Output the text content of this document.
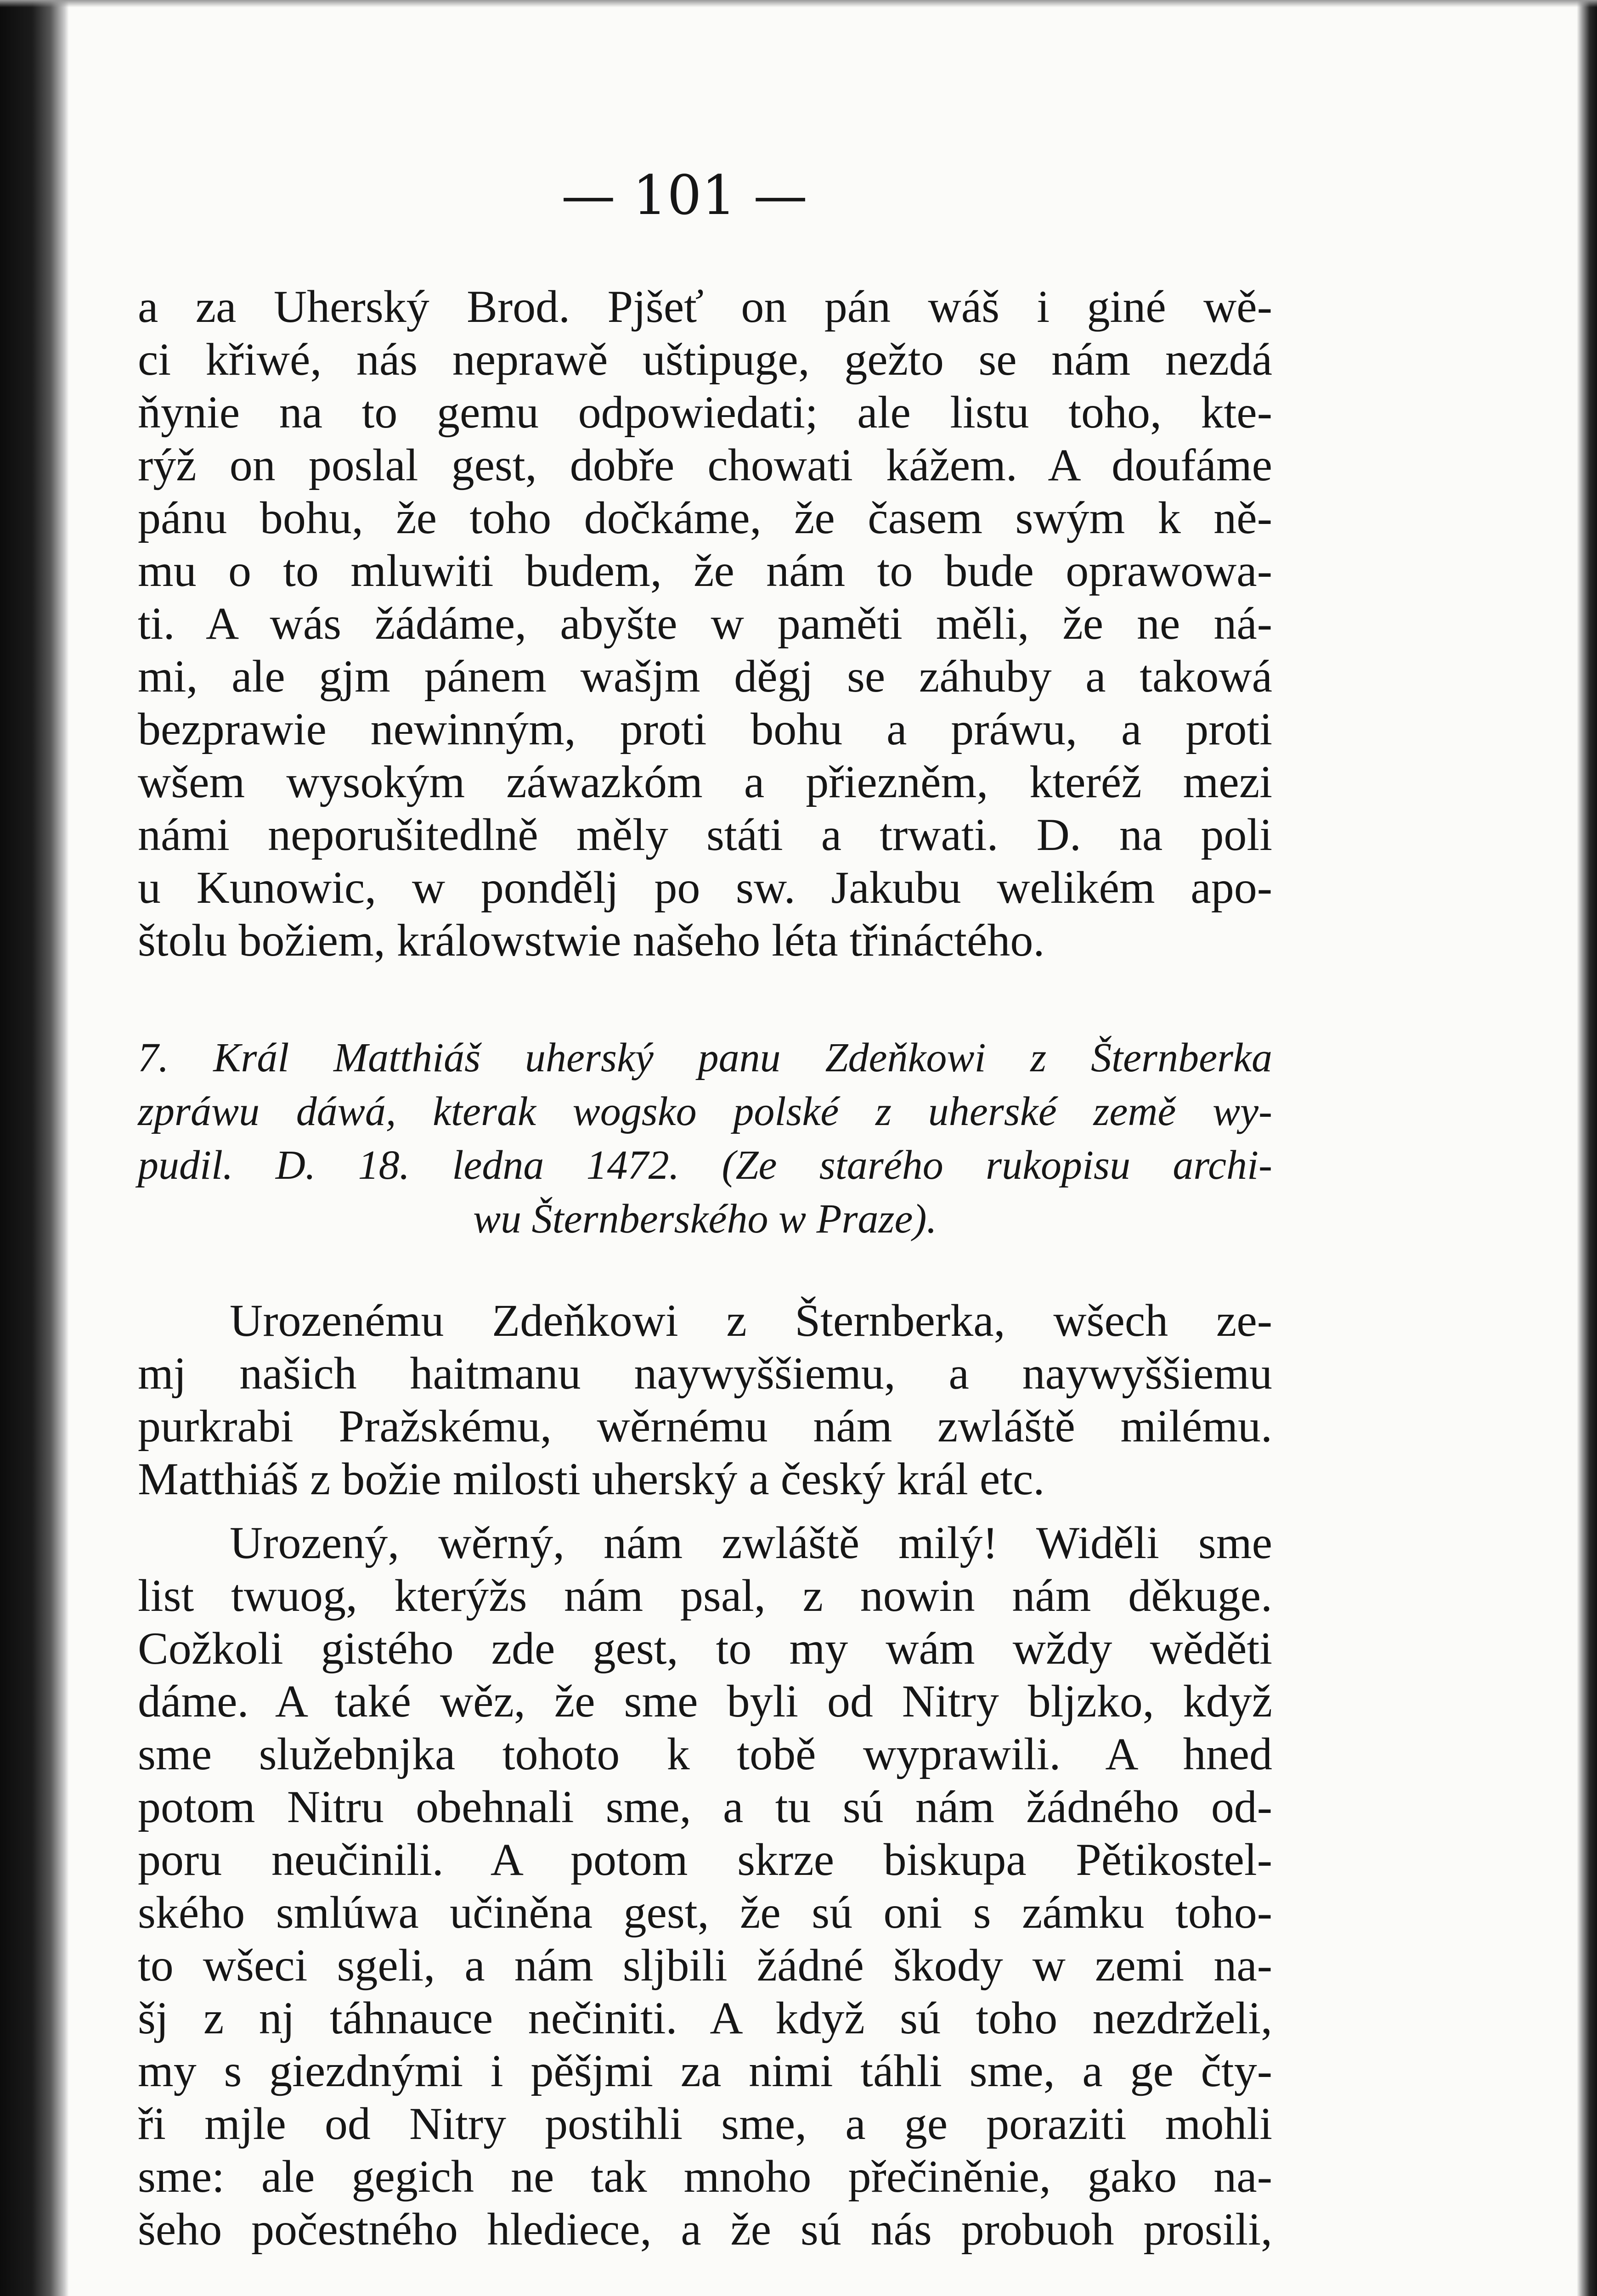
— 101 —
a za Uherský Brod. Pjšeť on pán wáš i giné wě-
ci křiwé, nás neprawě uštipuge, gežto se nám nezdá
ňynie na to gemu odpowiedati; ale listu toho, kte-
rýž on poslal gest, dobře chowati kážem. A doufáme
pánu bohu, že toho dočkáme, že časem swým k ně-
mu o to mluwiti budem, že nám to bude oprawowa-
ti. A wás žádáme, abyšte w paměti měli, že ne ná-
mi, ale gjm pánem wašjm děgj se záhuby a takowá
bezprawie newinným, proti bohu a práwu, a proti
wšem wysokým záwazkóm a přiezněm, kteréž mezi
námi neporušitedlně měly státi a trwati. D. na poli
u Kunowic, w pondělj po sw. Jakubu welikém apo-
štolu božiem, králowstwie našeho léta třináctého.
7. Král Matthiáš uherský panu Zdeňkowi z Šternberka
zpráwu dáwá, kterak wogsko polské z uherské země wy-
pudil. D. 18. ledna 1472. (Ze starého rukopisu archi-
wu Šternberského w Praze).
Urozenému Zdeňkowi z Šternberka, wšech ze-
mj našich haitmanu naywyššiemu, a naywyššiemu
purkrabi Pražskému, wěrnému nám zwláště milému.
Matthiáš z božie milosti uherský a český král etc.
Urozený, wěrný, nám zwláště milý! Widěli sme
list twuog, kterýžs nám psal, z nowin nám děkuge.
Cožkoli gistého zde gest, to my wám wždy wěděti
dáme. A také wěz, že sme byli od Nitry blјzko, když
sme služebnjka tohoto k tobě wyprawili. A hned
potom Nitru obehnali sme, a tu sú nám žádného od-
poru neučinili. A potom skrze biskupa Pětikostel-
ského smlúwa učiněna gest, že sú oni s zámku toho-
to wšeci sgeli, a nám sljbili žádné škody w zemi na-
šj z nj táhnauce nečiniti. A když sú toho nezdrželi,
my s giezdnými i pěšjmi za nimi táhli sme, a ge čty-
ři mjle od Nitry postihli sme, a ge poraziti mohli
sme: ale gegich ne tak mnoho přečiněnie, gako na-
šeho počestného hlediece, a že sú nás probuoh prosili,
